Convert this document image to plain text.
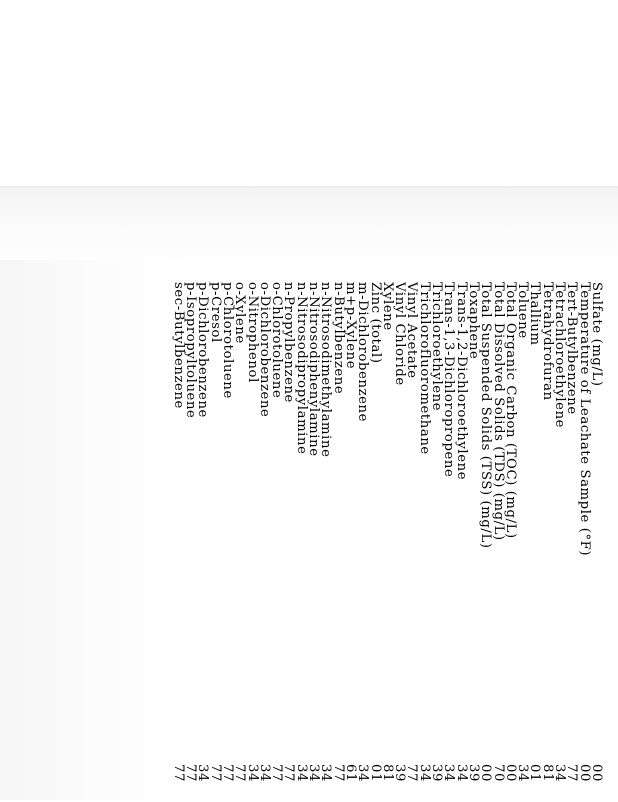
Sulfate (mg/L)
00
Temperature of Leachate Sample (°F)
00
Tert-Butylbenzene
77
Tetrachloroethylene
34
Tetrahydrofuran
81
Thallium
01
Toluene
34
Total Organic Carbon (TOC) (mg/L)
00
Total Dissolved Solids (TDS) (mg/L)
70
Total Suspended Solids (TSS) (mg/L)
00
Toxaphene
39
Trans-1,2-Dichloroethylene
34
Trans-1,3-Dichloropropene
34
Trichloroethylene
39
Trichlorofluoromethane
34
Vinyl Acetate
77
Vinyl Chloride
39
Xylene
81
Zinc (total)
01
m-Dichlorobenzene
34
m+p-Xylene
61
n-Butylbenzene
77
n-Nitrosodimethylamine
34
n-Nitrosodiphenylamine
34
n-Nitrosodipropylamine
34
n-Propylbenzene
77
o-Chlorotoluene
77
o-Dichlorobenzene
34
o-Nitrophenol
34
o-Xylene
77
p-Chlorotoluene
77
p-Cresol
77
p-Dichlorobenzene
34
p-Isopropyltoluene
77
sec-Butylbenzene
77
